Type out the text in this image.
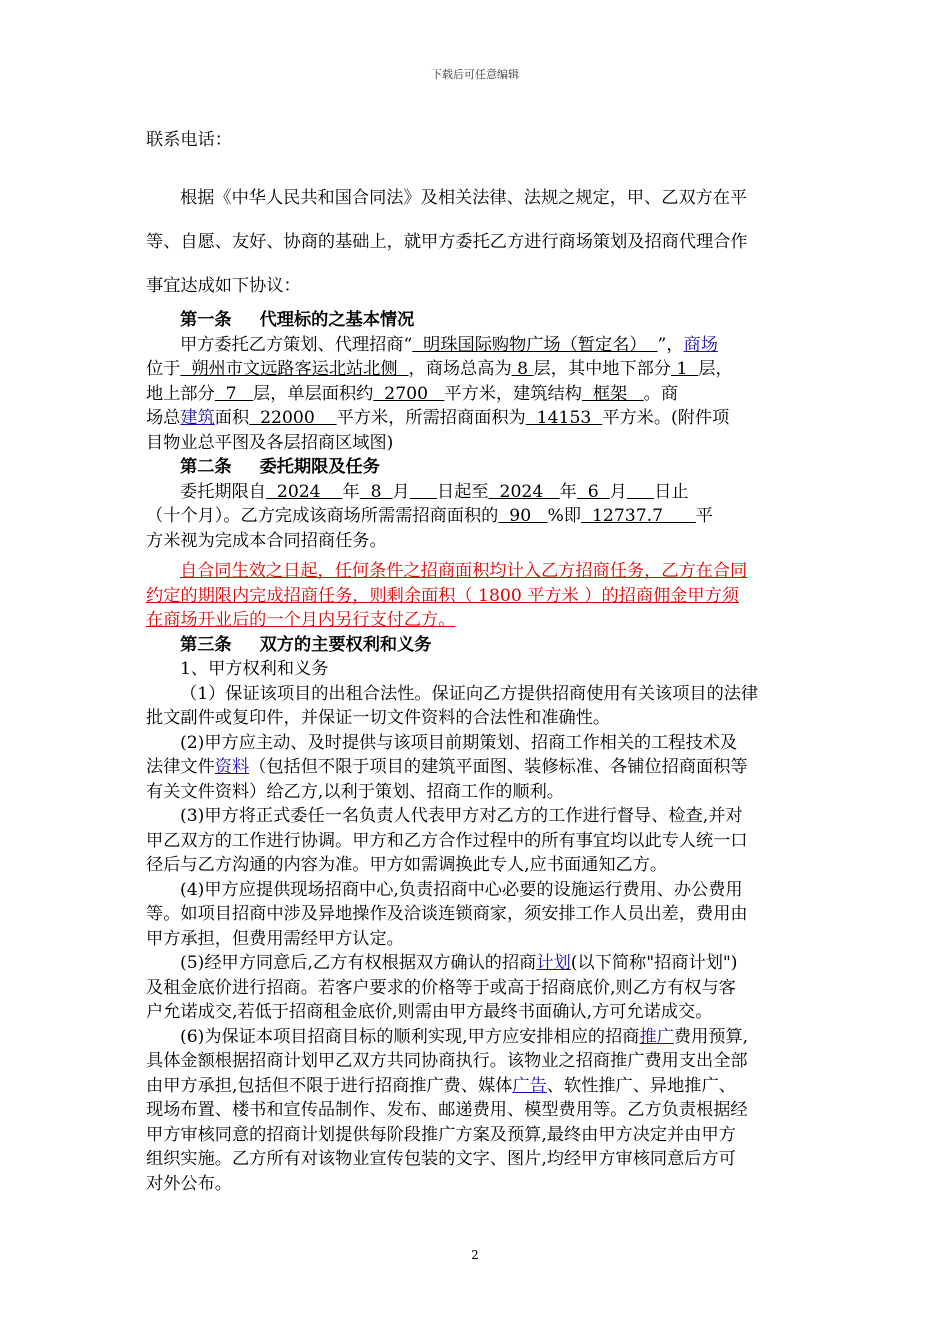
下载后可任意编辑
联系电话：
根据《中华人民共和国合同法》及相关法律、法规之规定，甲、乙双方在平
等、自愿、友好、协商的基础上，就甲方委托乙方进行商场策划及招商代理合作
事宜达成如下协议：
第一条 代理标的之基本情况
甲方委托乙方策划、代理招商“  明珠国际购物广场（暂定名）  ”，商场
位于  朔州市文远路客运北站北侧  ，商场总高为 8 层，其中地下部分 1  层，
地上部分  7   层，单层面积约  2700   平方米，建筑结构  框架   。商
场总建筑面积  22000    平方米，所需招商面积为  14153  平方米。(附件项
目物业总平图及各层招商区域图)
第二条 委托期限及任务
委托期限自  2024    年  8  月 日起至  2024   年  6  月 日止
（十个月）。乙方完成该商场所需需招商面积的  90   %即  12737.7      平
方米视为完成本合同招商任务。
自合同生效之日起，任何条件之招商面积均计入乙方招商任务，乙方在合同
约定的期限内完成招商任务，则剩余面积（ 1800 平方米 ）的招商佣金甲方须
在商场开业后的一个月内另行支付乙方。
第三条 双方的主要权利和义务
1、甲方权利和义务
（1）保证该项目的出租合法性。保证向乙方提供招商使用有关该项目的法律
批文副件或复印件，并保证一切文件资料的合法性和准确性。
(2)甲方应主动、及时提供与该项目前期策划、招商工作相关的工程技术及
法律文件资料（包括但不限于项目的建筑平面图、装修标准、各铺位招商面积等
有关文件资料）给乙方,以利于策划、招商工作的顺利。
(3)甲方将正式委任一名负责人代表甲方对乙方的工作进行督导、检查,并对
甲乙双方的工作进行协调。甲方和乙方合作过程中的所有事宜均以此专人统一口
径后与乙方沟通的内容为准。甲方如需调换此专人,应书面通知乙方。
(4)甲方应提供现场招商中心,负责招商中心必要的设施运行费用、办公费用
等。如项目招商中涉及异地操作及洽谈连锁商家，须安排工作人员出差，费用由
甲方承担，但费用需经甲方认定。
(5)经甲方同意后,乙方有权根据双方确认的招商计划(以下简称"招商计划")
及租金底价进行招商。若客户要求的价格等于或高于招商底价,则乙方有权与客
户允诺成交,若低于招商租金底价,则需由甲方最终书面确认,方可允诺成交。
(6)为保证本项目招商目标的顺利实现,甲方应安排相应的招商推广费用预算,
具体金额根据招商计划甲乙双方共同协商执行。该物业之招商推广费用支出全部
由甲方承担,包括但不限于进行招商推广费、媒体广告、软性推广、异地推广、
现场布置、楼书和宣传品制作、发布、邮递费用、模型费用等。乙方负责根据经
甲方审核同意的招商计划提供每阶段推广方案及预算,最终由甲方决定并由甲方
组织实施。乙方所有对该物业宣传包装的文字、图片,均经甲方审核同意后方可
对外公布。
2
